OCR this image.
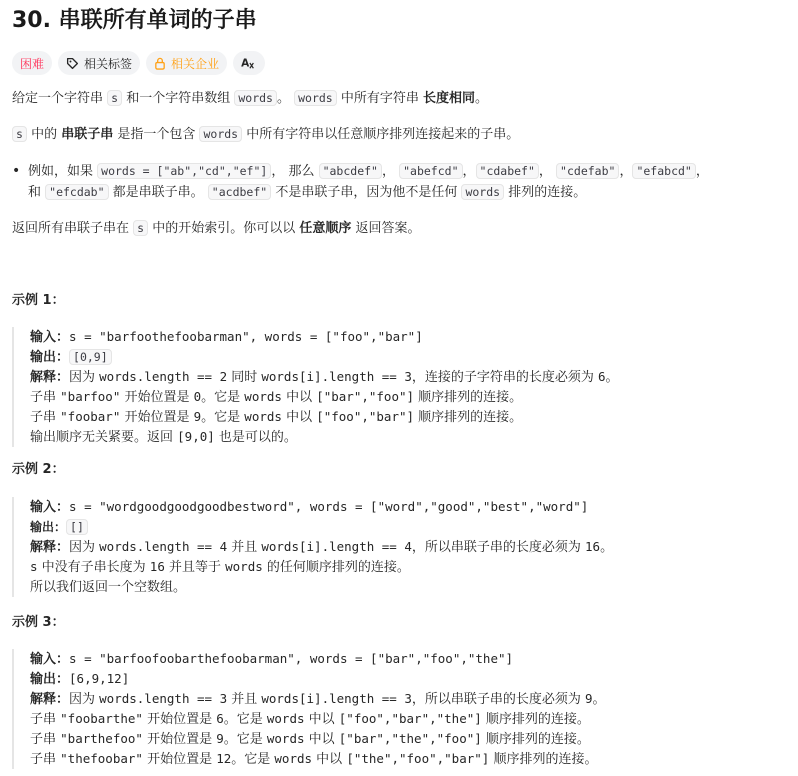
30. 串联所有单词的子串
困难	相关标签	相关企业 A

给定一个字符串 s 和一个字符串数组 words 。 words 中所有字符串 长度相同。

s 中的 串联子串 是指一个包含 words 中所有字符串以任意顺序排列连接起来的子串。

• 例如，如果 words = ["ab","cd","ef"] ， 那么 "abcdef" ， "abefcd" ， "cdabef" ， "cdefab" ， "efabcd" ，

和 "efcdab" 都是串联子串。 "acdbef" 不是串联子串，因为他不是任何 words 排列的连接。

返回所有串联子串在 s 中的开始索引。你可以以 任意顺序 返回答案。

示例 1：

输入：s = "barfoothefoobarman", words = ["foo","bar"]
输出： [0,9]
解释：因为 words.length == 2 同时 words[i].length == 3，连接的子字符串的长度必须为 6。
子串 "barfoo" 开始位置是 0。它是 words 中以 ["bar","foo"] 顺序排列的连接。
子串 "foobar" 开始位置是 9。它是 words 中以 ["foo","bar"] 顺序排列的连接。
输出顺序无关紧要。返回 [9,0] 也是可以的。

示例 2：

输入：s = "wordgoodgoodgoodbestword", words = ["word","good","best","word"]
输出： []
解释：因为 words.length == 4 并且 words[i].length == 4，所以串联子串的长度必须为 16。
s 中没有子串长度为 16 并且等于 words 的任何顺序排列的连接。
所以我们返回一个空数组。

示例 3：

输入：s = "barfoofoobarthefoobarman", words = ["bar","foo","the"]
输出：[6,9,12]
解释：因为 words.length == 3 并且 words[i].length == 3，所以串联子串的长度必须为 9。
子串 "foobarthe" 开始位置是 6。它是 words 中以 ["foo","bar","the"] 顺序排列的连接。
子串 "barthefoo" 开始位置是 9。它是 words 中以 ["bar","the","foo"] 顺序排列的连接。
子串 "thefoobar" 开始位置是 12。它是 words 中以 ["the","foo","bar"] 顺序排列的连接。
